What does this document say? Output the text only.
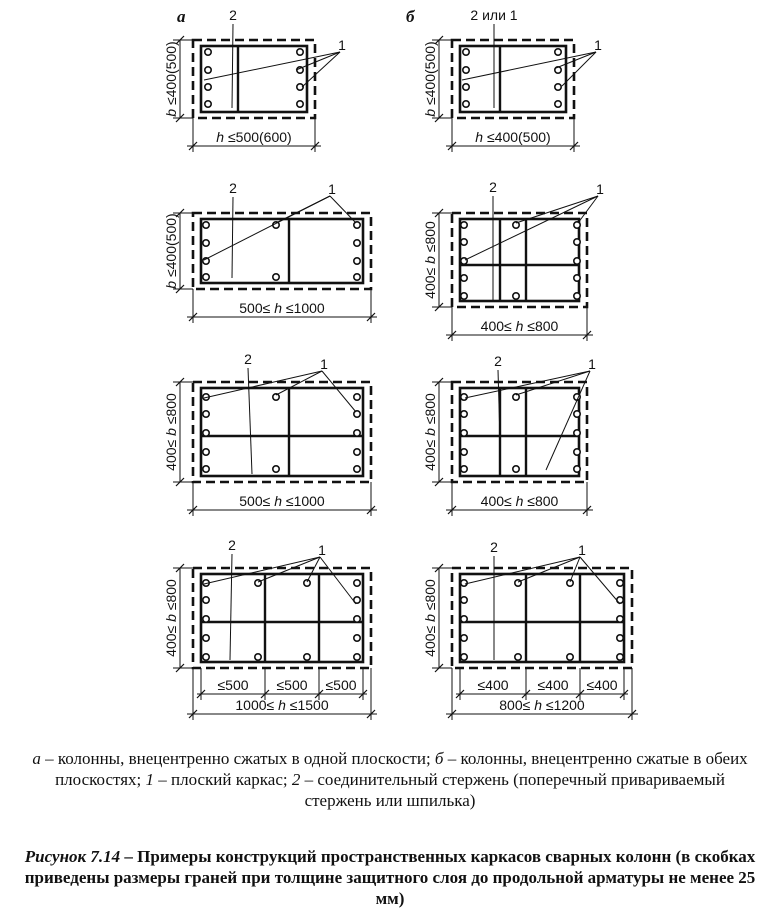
а	б
2
1
b ≤400(500)
h ≤500(600)
2 или 1
1
b ≤400(500)
h ≤400(500)
2	1
b ≤400(500)
500≤ h ≤1000
2	1
400≤ b ≤800
400≤ h ≤800
2	1
400≤ b ≤800
500≤ h ≤1000
2	1
400≤ b ≤800
400≤ h ≤800
2	1
400≤ b ≤800
1000≤ h ≤1500
≤500 ≤500 ≤500
2	1
400≤ b ≤800
800≤ h ≤1200
≤400 ≤400 ≤400
а – колонны, внецентренно сжатых в одной плоскости; б – колонны, внецентренно сжатые в обеих плоскостях; 1 – плоский каркас; 2 – соединительный стержень (поперечный привариваемый стержень или шпилька)
Рисунок 7.14 – Примеры конструкций пространственных каркасов сварных колонн (в скобках приведены размеры граней при толщине защитного слоя до продольной арматуры не менее 25 мм)
